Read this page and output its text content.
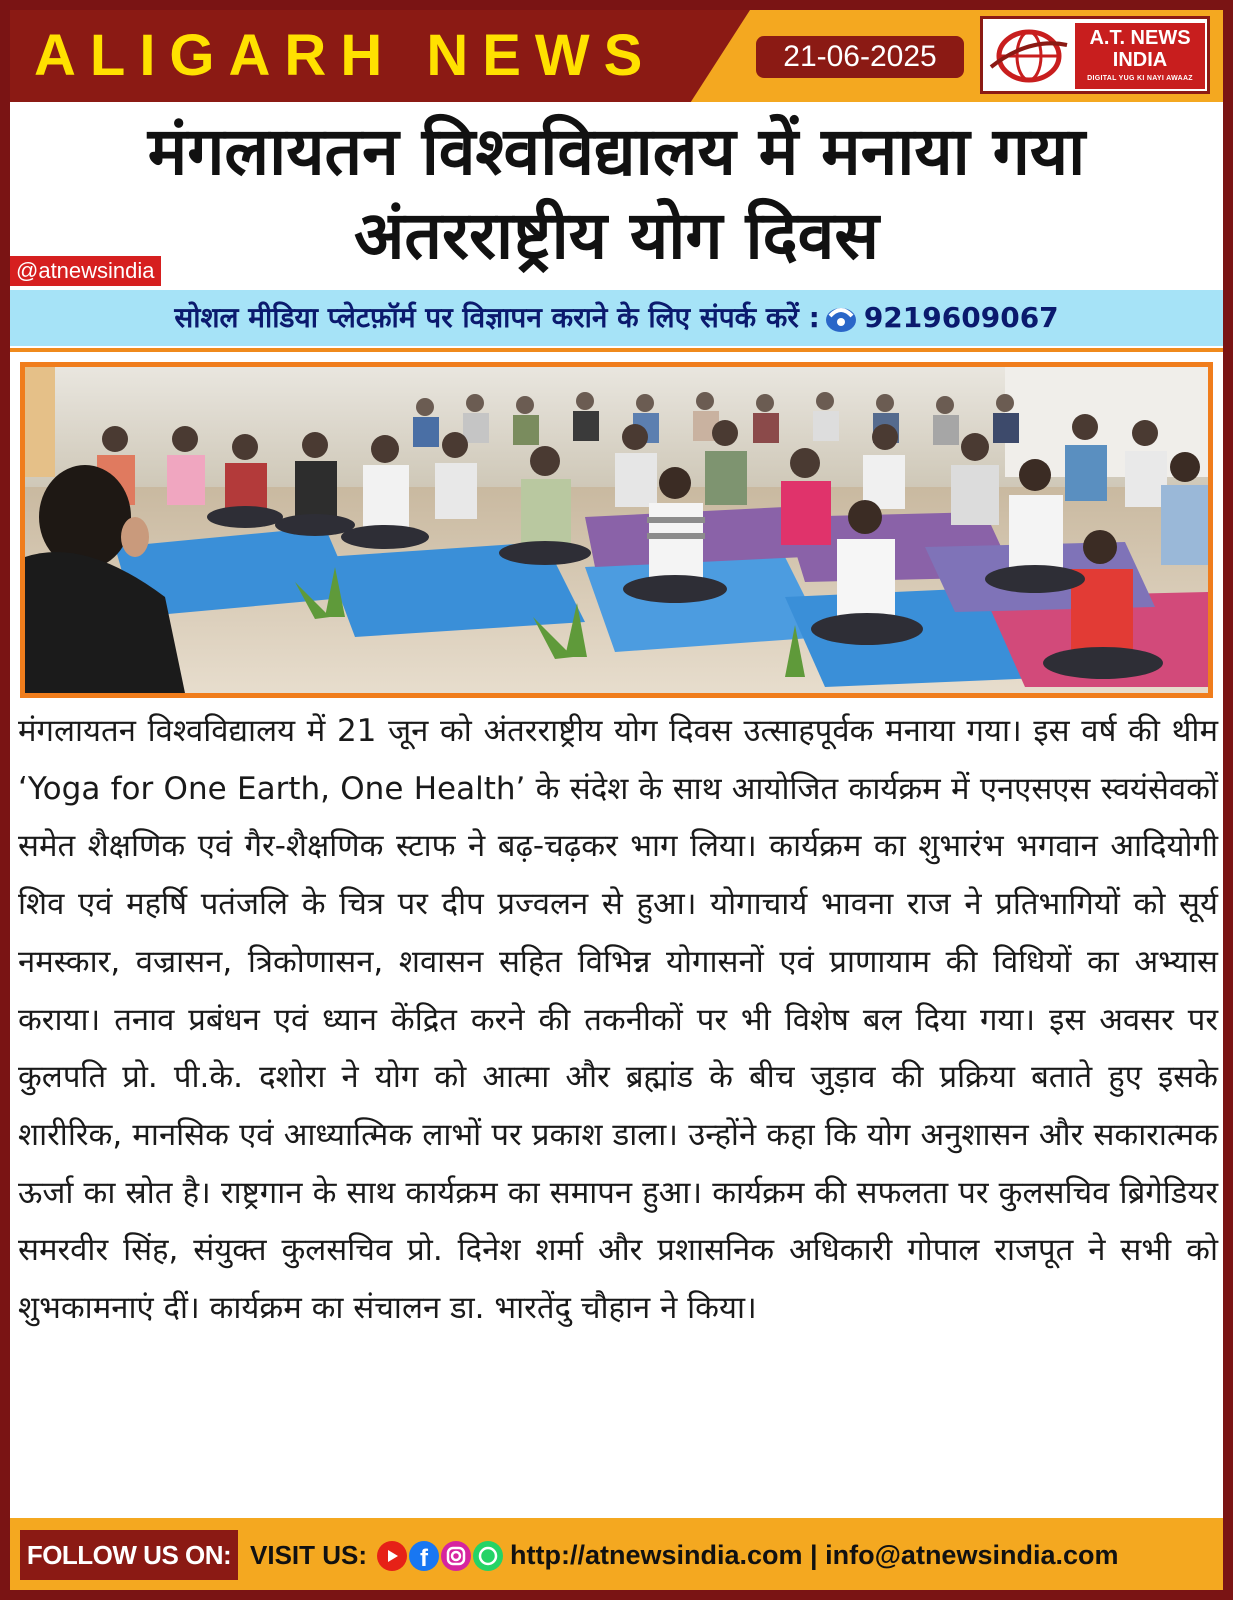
ALIGARH NEWS	21-06-2025
A.T. NEWS
INDIA
DIGITAL YUG KI NAYI AWAAZ
मंगलायतन विश्वविद्यालय में मनाया गया
अंतरराष्ट्रीय योग दिवस
@atnewsindia
सोशल मीडिया प्लेटफ़ॉर्म पर विज्ञापन कराने के लिए संपर्क करें : 9219609067
मंगलायतन विश्वविद्यालय में 21 जून को अंतरराष्ट्रीय योग दिवस उत्साहपूर्वक मनाया गया। इस वर्ष की थीम ‘Yoga for One Earth, One Health’ के संदेश के साथ आयोजित कार्यक्रम में एनएसएस स्वयंसेवकों समेत शैक्षणिक एवं गैर-शैक्षणिक स्टाफ ने बढ़-चढ़कर भाग लिया। कार्यक्रम का शुभारंभ भगवान आदियोगी शिव एवं महर्षि पतंजलि के चित्र पर दीप प्रज्वलन से हुआ। योगाचार्य भावना राज ने प्रतिभागियों को सूर्य नमस्कार, वज्रासन, त्रिकोणासन, शवासन सहित विभिन्न योगासनों एवं प्राणायाम की विधियों का अभ्यास कराया। तनाव प्रबंधन एवं ध्यान केंद्रित करने की तकनीकों पर भी विशेष बल दिया गया। इस अवसर पर कुलपति प्रो. पी.के. दशोरा ने योग को आत्मा और ब्रह्मांड के बीच जुड़ाव की प्रक्रिया बताते हुए इसके शारीरिक, मानसिक एवं आध्यात्मिक लाभों पर प्रकाश डाला। उन्होंने कहा कि योग अनुशासन और सकारात्मक ऊर्जा का स्रोत है। राष्ट्रगान के साथ कार्यक्रम का समापन हुआ। कार्यक्रम की सफलता पर कुलसचिव ब्रिगेडियर समरवीर सिंह, संयुक्त कुलसचिव प्रो. दिनेश शर्मा और प्रशासनिक अधिकारी गोपाल राजपूत ने सभी को शुभकामनाएं दीं। कार्यक्रम का संचालन डा. भारतेंदु चौहान ने किया।
FOLLOW US ON: VISIT US: f	http://atnewsindia.com | info@atnewsindia.com
